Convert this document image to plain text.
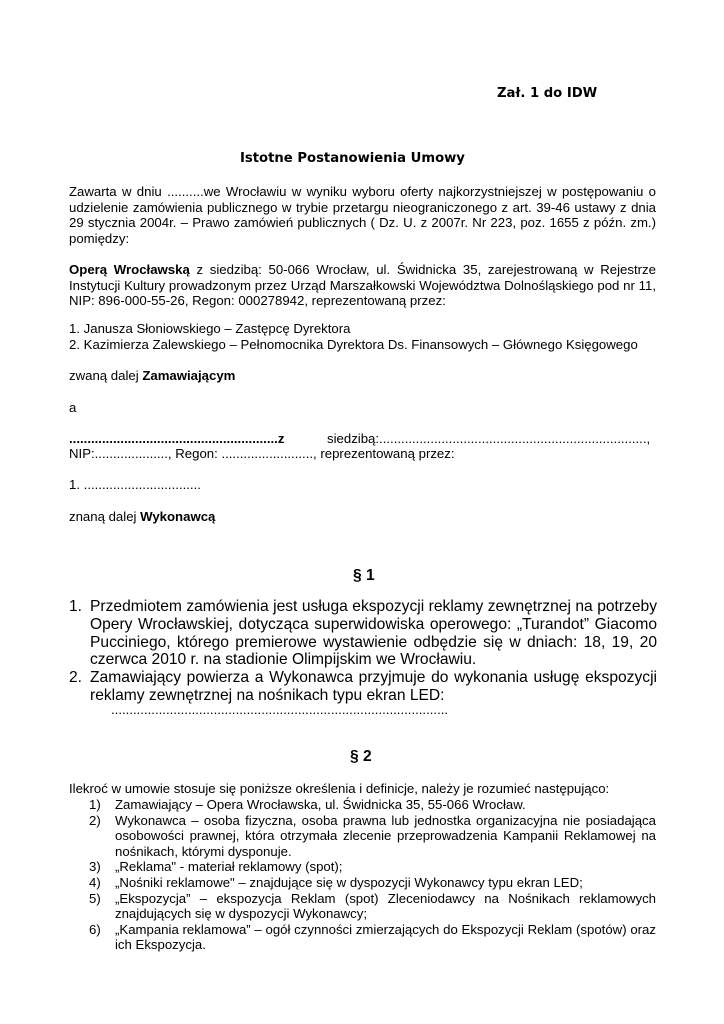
Zał. 1 do IDW
Istotne Postanowienia Umowy
Zawarta w dniu ..........we Wrocławiu w wyniku wyboru oferty najkorzystniejszej w postępowaniu o udzielenie zamówienia publicznego w trybie przetargu nieograniczonego z art. 39-46 ustawy z dnia 29 stycznia 2004r. – Prawo zamówień publicznych ( Dz. U. z 2007r. Nr 223, poz. 1655 z późn. zm.) pomiędzy:
Operą Wrocławską z siedzibą: 50-066 Wrocław, ul. Świdnicka 35, zarejestrowaną w Rejestrze Instytucji Kultury prowadzonym przez Urząd Marszałkowski Województwa Dolnośląskiego pod nr 11, NIP: 896-000-55-26, Regon: 000278942, reprezentowaną przez:
1. Janusza Słoniowskiego – Zastępcę Dyrektora
2. Kazimierza Zalewskiego – Pełnomocnika Dyrektora Ds. Finansowych – Głównego Księgowego
zwaną dalej Zamawiającym
a
.........................................................z	siedzibą:.........................................................................,
NIP:...................., Regon: ........................., reprezentowaną przez:
1. ................................
znaną dalej Wykonawcą
§ 1
1. Przedmiotem zamówienia jest usługa ekspozycji reklamy zewnętrznej na potrzeby Opery Wrocławskiej, dotycząca superwidowiska operowego: „Turandot” Giacomo Pucciniego, którego premierowe wystawienie odbędzie się w dniach: 18, 19, 20 czerwca 2010 r. na stadionie Olimpijskim we Wrocławiu.
2. Zamawiający powierza a Wykonawca przyjmuje do wykonania usługę ekspozycji reklamy zewnętrznej na nośnikach typu ekran LED:
............................................................................................
§ 2
Ilekroć w umowie stosuje się poniższe określenia i definicje, należy je rozumieć następująco:
1) Zamawiający – Opera Wrocławska, ul. Świdnicka 35, 55-066 Wrocław.
2) Wykonawca – osoba fizyczna, osoba prawna lub jednostka organizacyjna nie posiadająca osobowości prawnej, która otrzymała zlecenie przeprowadzenia Kampanii Reklamowej na nośnikach, którymi dysponuje.
3) „Reklama" - materiał reklamowy (spot);
4) „Nośniki reklamowe" – znajdujące się w dyspozycji Wykonawcy typu ekran LED;
5) „Ekspozycja” – ekspozycja Reklam (spot) Zleceniodawcy na Nośnikach reklamowych znajdujących się w dyspozycji Wykonawcy;
6) „Kampania reklamowa” – ogół czynności zmierzających do Ekspozycji Reklam (spotów) oraz ich Ekspozycja.
